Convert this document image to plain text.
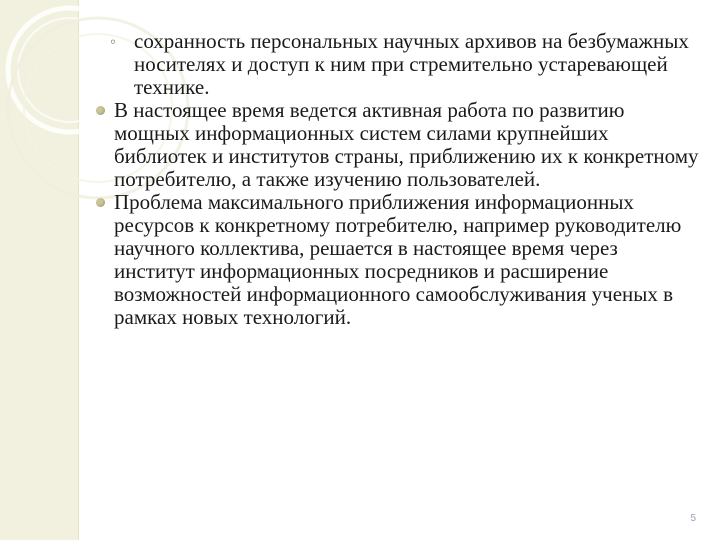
◦ сохранность персональных научных архивов на безбумажных носителях и доступ к ним при стремительно устаревающей технике.
В настоящее время ведется активная работа по развитию мощных информационных систем силами крупнейших библиотек и институтов страны, приближению их к конкретному потребителю, а также изучению пользователей.
Проблема максимального приближения информационных ресурсов к конкретному потребителю, например руководителю научного коллектива, решается в настоящее время через институт информационных посредников и расширение возможностей информационного самообслуживания ученых в рамках новых технологий.
5
